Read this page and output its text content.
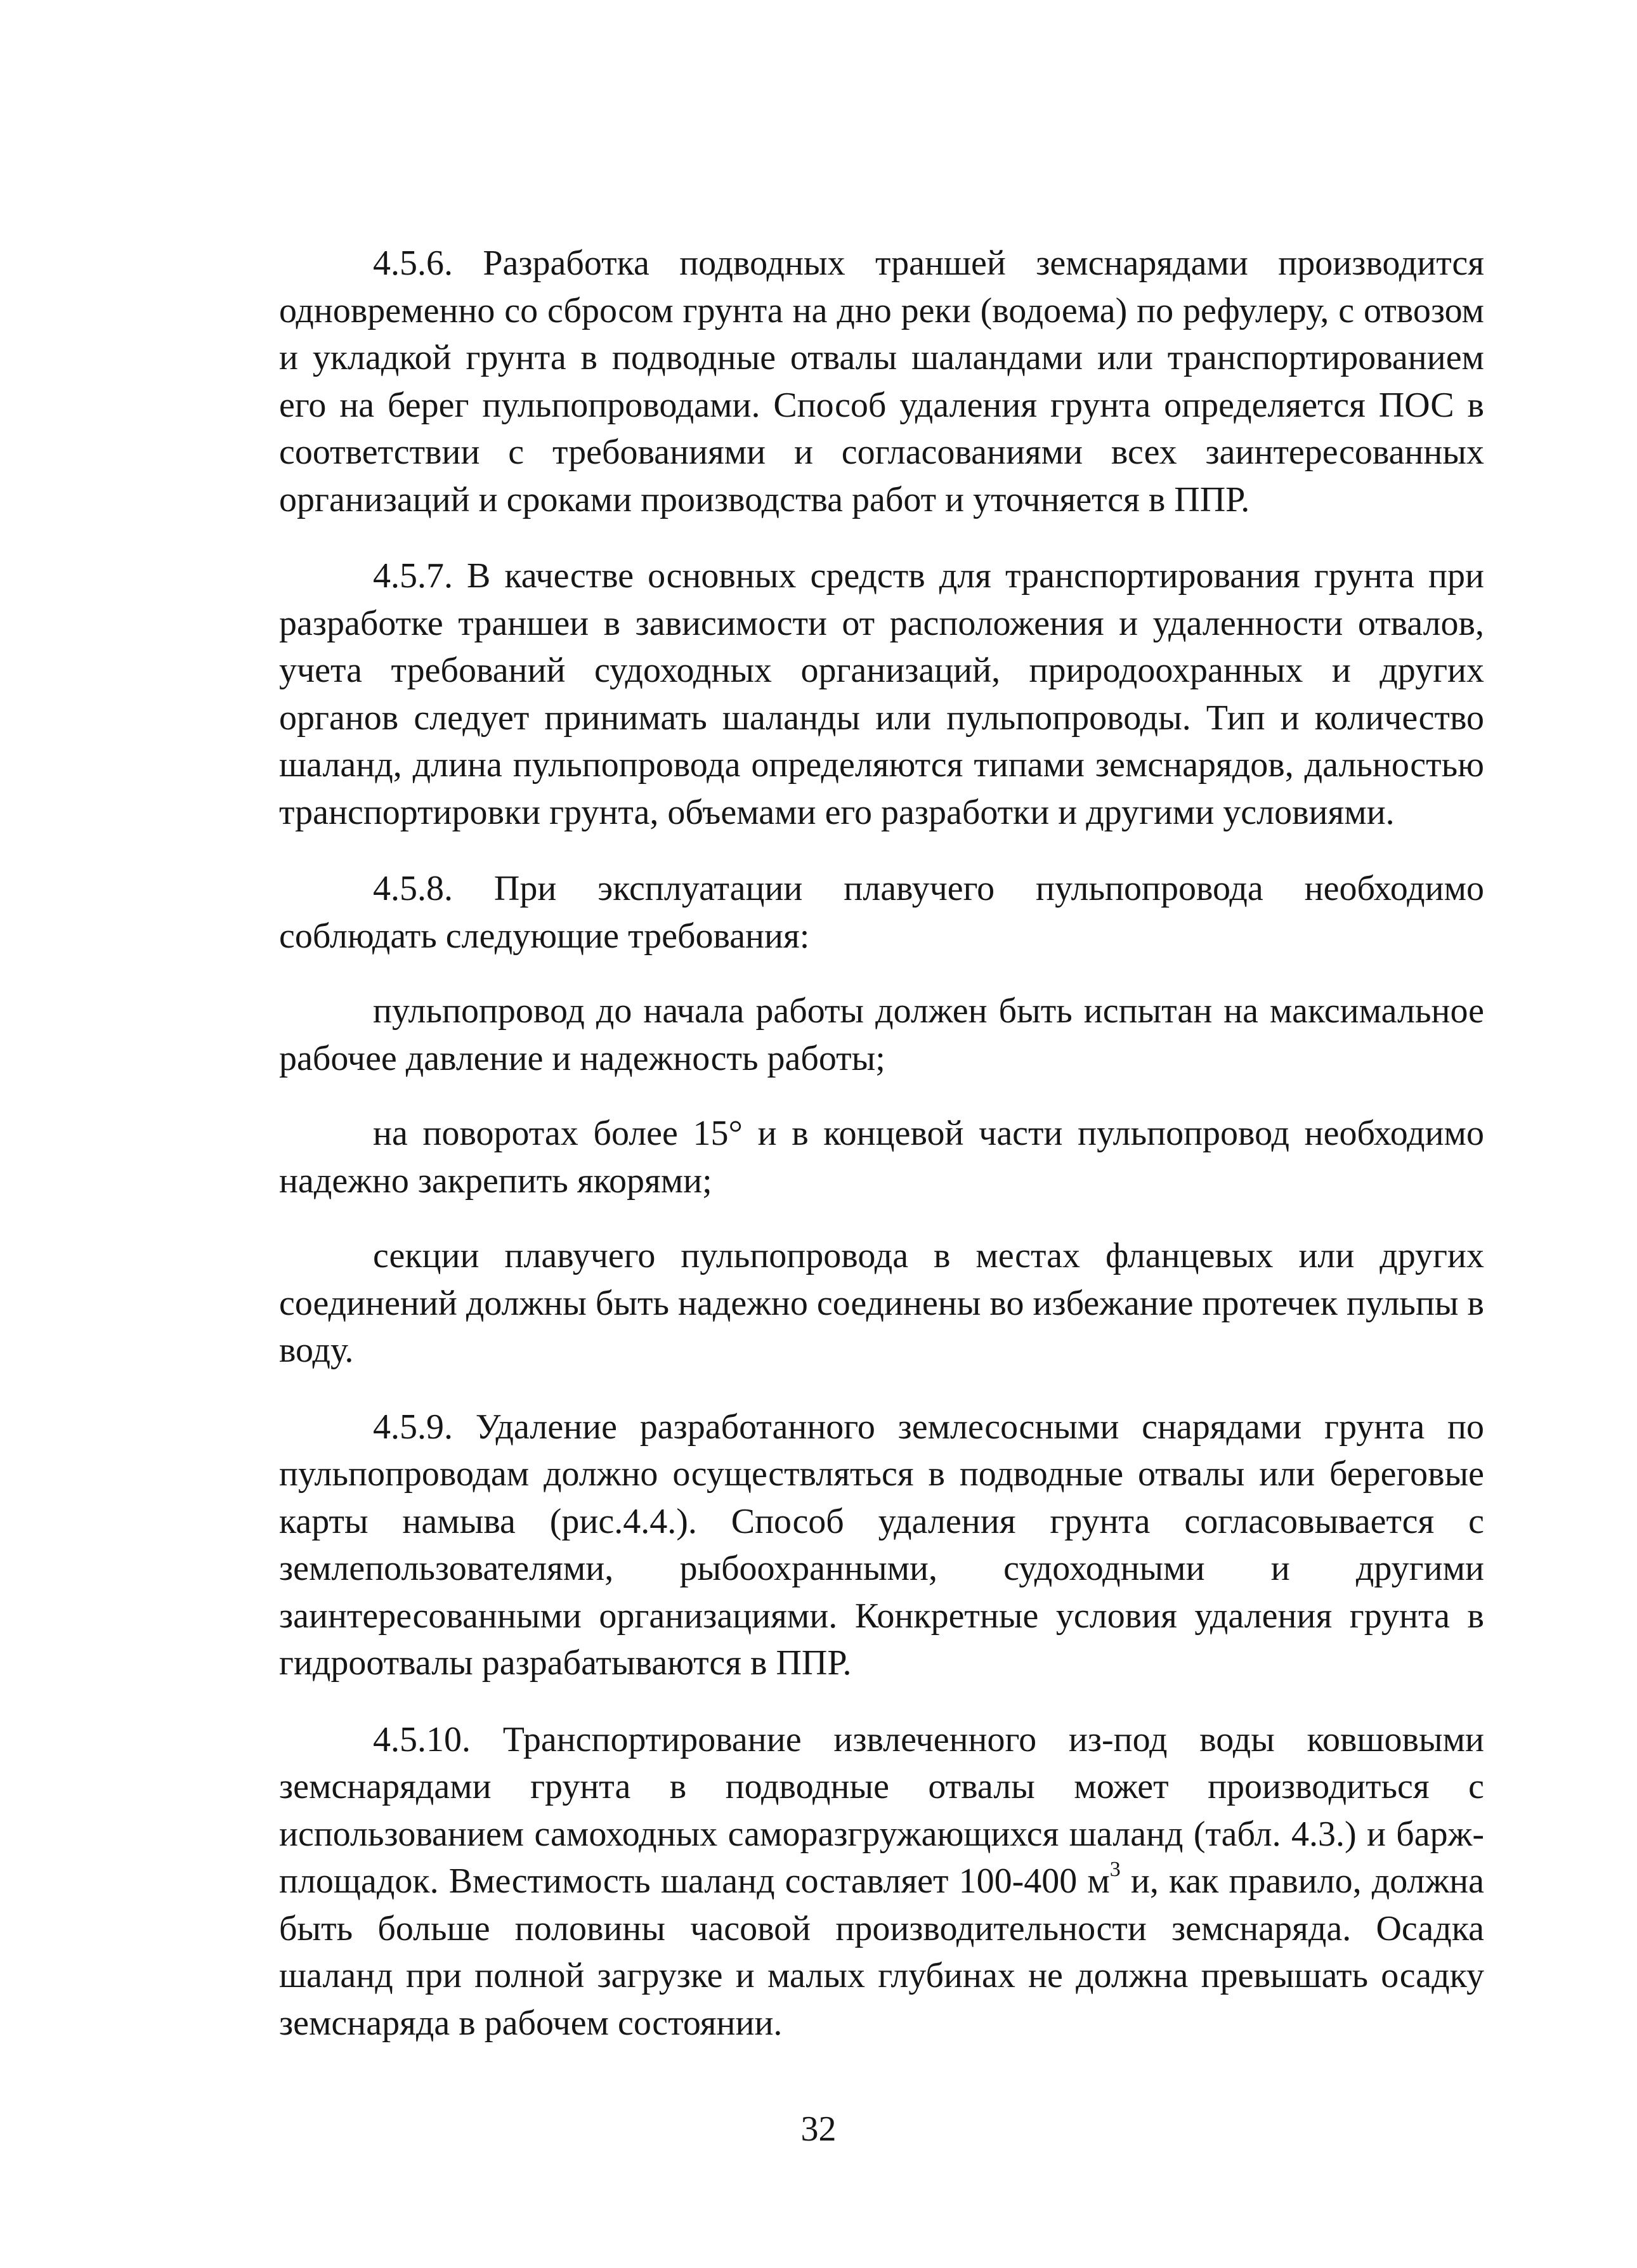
4.5.6. Разработка подводных траншей земснарядами производится одновременно со сбросом грунта на дно реки (водоема) по рефулеру, с отвозом и укладкой грунта в подводные отвалы шаландами или транспортированием его на берег пульпопроводами. Способ удаления грунта определяется ПОС в соответствии с требованиями и согласованиями всех заинтересованных организаций и сроками производства работ и уточняется в ППР.

4.5.7. В качестве основных средств для транспортирования грунта при разработке траншеи в зависимости от расположения и удаленности отвалов, учета требований судоходных организаций, природоохранных и других органов следует принимать шаланды или пульпопроводы. Тип и количество шаланд, длина пульпопровода определяются типами земснарядов, дальностью транспортировки грунта, объемами его разработки и другими условиями.

4.5.8. При эксплуатации плавучего пульпопровода необходимо соблюдать следующие требования:

пульпопровод до начала работы должен быть испытан на максимальное рабочее давление и надежность работы;

на поворотах более 15° и в концевой части пульпопровод необходимо надежно закрепить якорями;

секции плавучего пульпопровода в местах фланцевых или других соединений должны быть надежно соединены во избежание протечек пульпы в воду.

4.5.9. Удаление разработанного землесосными снарядами грунта по пульпопроводам должно осуществляться в подводные отвалы или береговые карты намыва (рис.4.4.). Способ удаления грунта согласовывается с землепользователями, рыбоохранными, судоходными и другими заинтересованными организациями. Конкретные условия удаления грунта в гидроотвалы разрабатываются в ППР.

4.5.10. Транспортирование извлеченного из-под воды ковшовыми земснарядами грунта в подводные отвалы может производиться с использованием самоходных саморазгружающихся шаланд (табл. 4.3.) и барж-площадок. Вместимость шаланд составляет 100-400 $м^3$ и, как правило, должна быть больше половины часовой производительности земснаряда. Осадка шаланд при полной загрузке и малых глубинах не должна превышать осадку земснаряда в рабочем состоянии.

32
